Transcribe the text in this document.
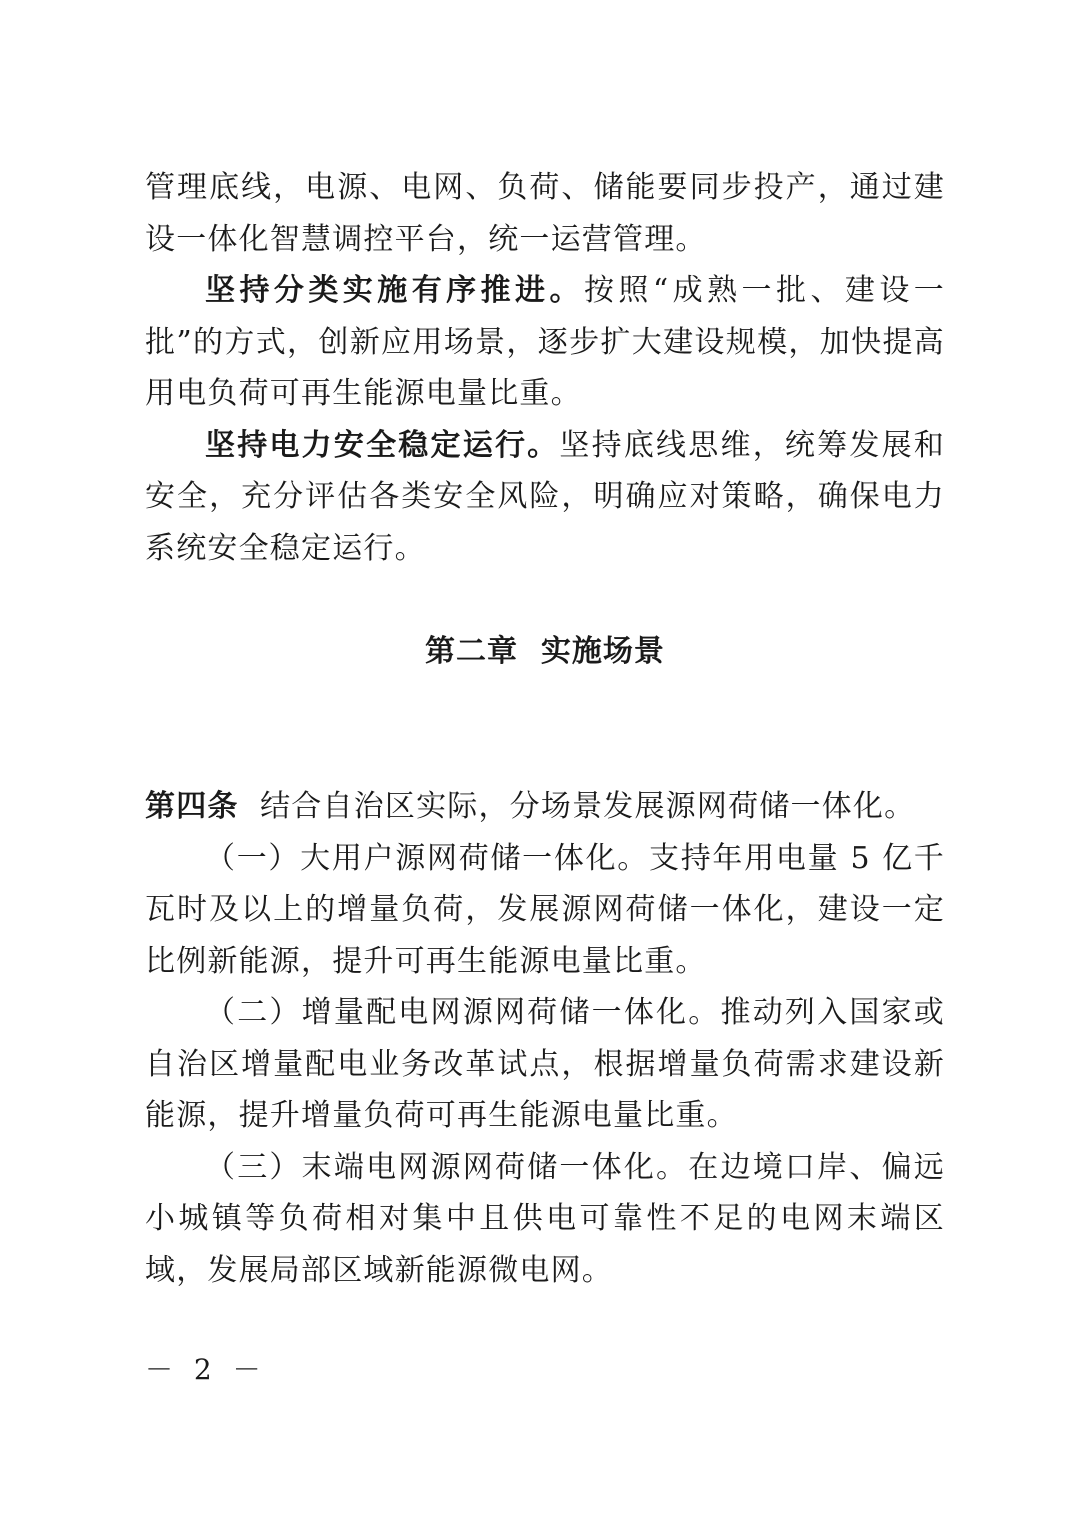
管理底线，电源、电网、负荷、储能要同步投产，通过建设一体化智慧调控平台，统一运营管理。

坚持分类实施有序推进。按照“成熟一批、建设一批”的方式，创新应用场景，逐步扩大建设规模，加快提高用电负荷可再生能源电量比重。

坚持电力安全稳定运行。坚持底线思维，统筹发展和安全，充分评估各类安全风险，明确应对策略，确保电力系统安全稳定运行。

第二章  实施场景

第四条  结合自治区实际，分场景发展源网荷储一体化。

（一）大用户源网荷储一体化。支持年用电量 5 亿千瓦时及以上的增量负荷，发展源网荷储一体化，建设一定比例新能源，提升可再生能源电量比重。

（二）增量配电网源网荷储一体化。推动列入国家或自治区增量配电业务改革试点，根据增量负荷需求建设新能源，提升增量负荷可再生能源电量比重。

（三）末端电网源网荷储一体化。在边境口岸、偏远小城镇等负荷相对集中且供电可靠性不足的电网末端区域，发展局部区域新能源微电网。

－ 2 －
